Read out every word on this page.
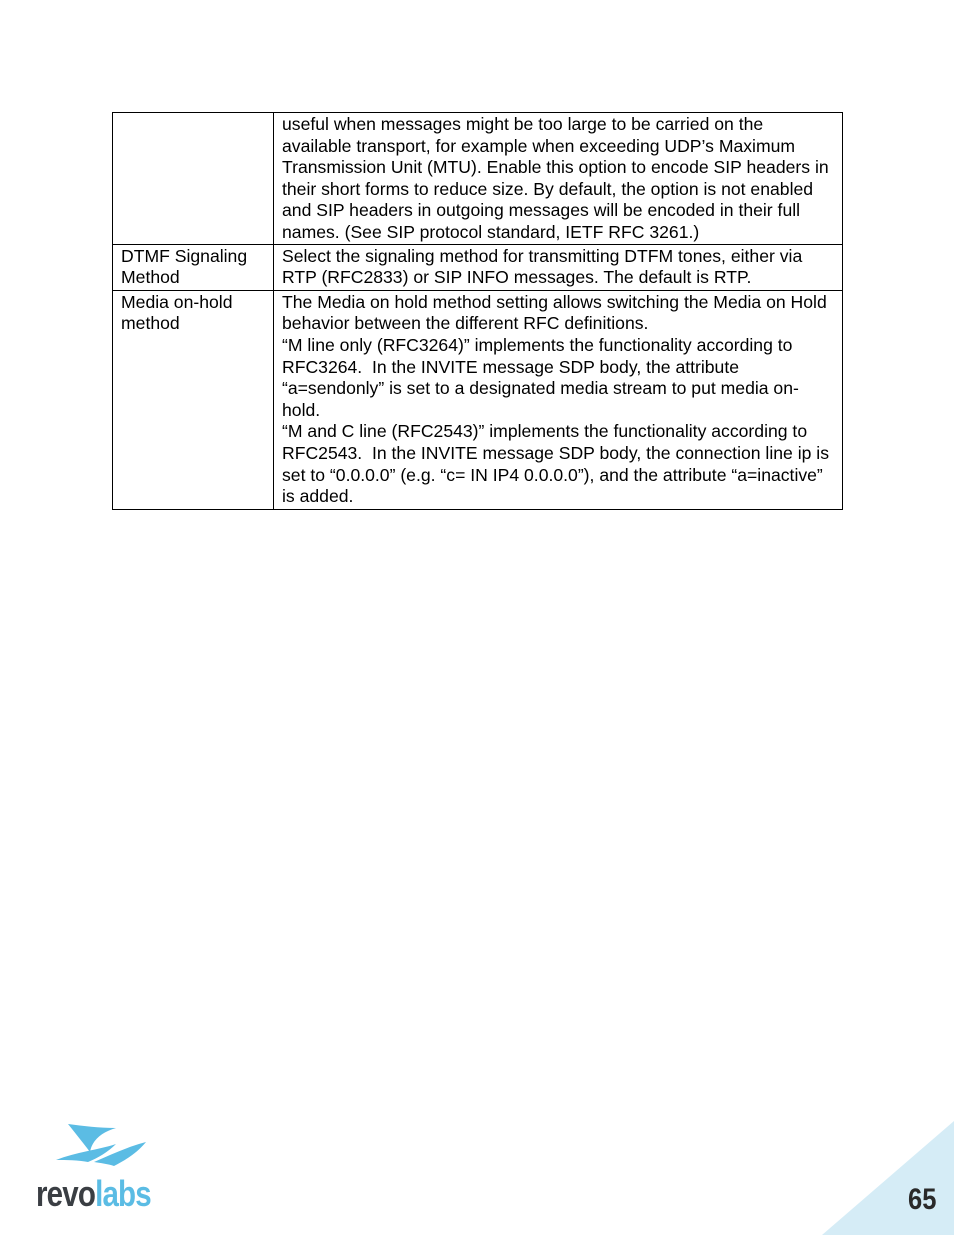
	useful when messages might be too large to be carried on the available transport, for example when exceeding UDP’s Maximum Transmission Unit (MTU). Enable this option to encode SIP headers in their short forms to reduce size. By default, the option is not enabled and SIP headers in outgoing messages will be encoded in their full names. (See SIP protocol standard, IETF RFC 3261.)

DTMF Signaling Method	Select the signaling method for transmitting DTFM tones, either via RTP (RFC2833) or SIP INFO messages. The default is RTP.

Media on-hold method	The Media on hold method setting allows switching the Media on Hold behavior between the different RFC definitions.
“M line only (RFC3264)” implements the functionality according to RFC3264.  In the INVITE message SDP body, the attribute “a=sendonly” is set to a designated media stream to put media on-hold.
“M and C line (RFC2543)” implements the functionality according to RFC2543.  In the INVITE message SDP body, the connection line ip is set to “0.0.0.0” (e.g. “c= IN IP4 0.0.0.0”), and the attribute “a=inactive” is added.
revolabs	65
